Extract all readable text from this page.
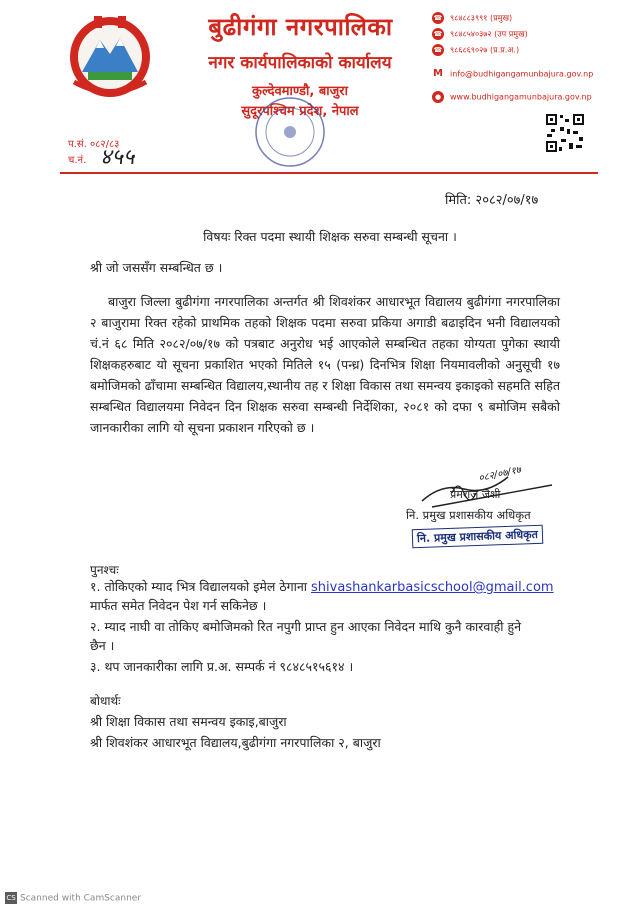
बुढीगंगा नगरपालिका
नगर कार्यपालिकाको कार्यालय
कुल्देवमाण्डौ, बाजुरा
सुदूरपश्चिम प्रदेश, नेपाल
☎ ९८४८८३९९१ (प्रमुख)
☎ ९८४८५४०३७२ (उप प्रमुख)
☎ ९८६८६९०२७ (प्र.प्र.अ.)
M info@budhigangamunbajura.gov.np
● www.budhigangamunbajura.gov.np
प.सं. ०८२/८३
च.नं. ४५५
मिति: २०८२/०७/१७
विषयः रिक्त पदमा स्थायी शिक्षक सरुवा सम्बन्धी सूचना ।
श्री जो जससँग सम्बन्धित छ ।

बाजुरा जिल्ला बुढीगंगा नगरपालिका अन्तर्गत श्री शिवशंकर आधारभूत विद्यालय बुढीगंगा नगरपालिका २ बाजुरामा रिक्त रहेको प्राथमिक तहको शिक्षक पदमा सरुवा प्रकिया अगाडी बढाइदिन भनी विद्यालयको चं.नं ६८ मिति २०८२/०७/१७ को पत्रबाट अनुरोध भई आएकोले सम्बन्धित तहका योग्यता पुगेका स्थायी शिक्षकहरुबाट यो सूचना प्रकाशित भएको मितिले १५ (पन्ध्र) दिनभित्र शिक्षा नियमावलीको अनुसूची १७ बमोजिमको ढाँचामा सम्बन्धित विद्यालय,स्थानीय तह र शिक्षा विकास तथा समन्वय इकाइको सहमति सहित सम्बन्धित विद्यालयमा निवेदन दिन शिक्षक सरुवा सम्बन्धी निर्देशिका, २०८१ को दफा ९ बमोजिम सबैको जानकारीका लागि यो सूचना प्रकाशन गरिएको छ ।

०८२/०७/१७
प्रेमराज जैशी
नि. प्रमुख प्रशासकीय अधिकृत
नि. प्रमुख प्रशासकीय अधिकृत
पुनश्चः
१. तोकिएको म्याद भित्र विद्यालयको इमेल ठेगाना shivashankarbasicschool@gmail.com
मार्फत समेत निवेदन पेश गर्न सकिनेछ ।
२. म्याद नाघी वा तोकिए बमोजिमको रित नपुगी प्राप्त हुन आएका निवेदन माथि कुनै कारवाही हुने
छैन ।
३. थप जानकारीका लागि प्र.अ. सम्पर्क नं ९८४८५१५६१४ ।
बोधार्थः
श्री शिक्षा विकास तथा समन्वय इकाइ,बाजुरा
श्री शिवशंकर आधारभूत विद्यालय,बुढीगंगा नगरपालिका २, बाजुरा
CS Scanned with CamScanner
